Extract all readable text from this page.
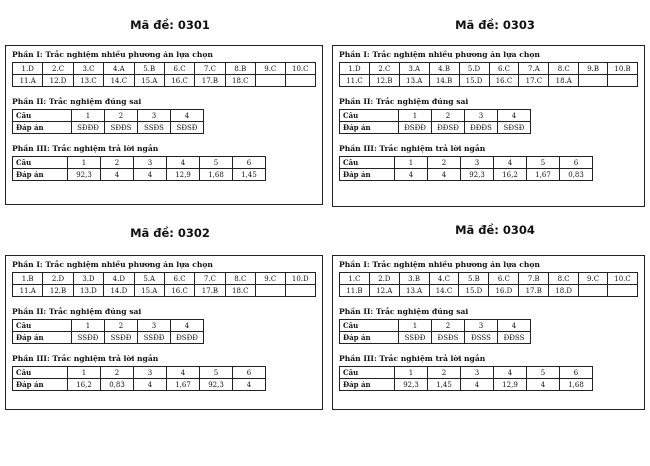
Mã đề: 0301
Phần I: Trắc nghiệm nhiều phương án lựa chọn
1.D	2.C	3.C	4.A	5.B	6.C	7.C	8.B	9.C	10.C
11.A	12.D	13.C	14.C	15.A	16.C	17.B	18.C		
Phần II: Trắc nghiệm đúng sai
Câu	1	2	3	4
Đáp án	SĐĐĐ	SĐĐS	SSĐS	SĐSĐ
Phần III: Trắc nghiệm trả lời ngắn
Câu	1	2	3	4	5	6
Đáp án	92,3	4	4	12,9	1,68	1,45
Mã đề: 0303
Phần I: Trắc nghiệm nhiều phương án lựa chọn
1.D	2.C	3.A	4.B	5.D	6.C	7.A	8.C	9.B	10.B
11.C	12.B	13.A	14.B	15.D	16.C	17.C	18.A		
Phần II: Trắc nghiệm đúng sai
Câu	1	2	3	4
Đáp án	ĐSĐĐ	ĐĐSĐ	ĐĐĐS	SĐSĐ
Phần III: Trắc nghiệm trả lời ngắn
Câu	1	2	3	4	5	6
Đáp án	4	4	92,3	16,2	1,67	0,83
Mã đề: 0302
Phần I: Trắc nghiệm nhiều phương án lựa chọn
1.B	2.D	3.D	4.D	5.A	6.C	7.C	8.C	9.C	10.D
11.A	12.B	13.D	14.D	15.A	16.C	17.B	18.C		
Phần II: Trắc nghiệm đúng sai
Câu	1	2	3	4
Đáp án	SSĐĐ	SSĐĐ	SSĐĐ	ĐSĐĐ
Phần III: Trắc nghiệm trả lời ngắn
Câu	1	2	3	4	5	6
Đáp án	16,2	0,83	4	1,67	92,3	4
Mã đề: 0304
Phần I: Trắc nghiệm nhiều phương án lựa chọn
1.C	2.D	3.B	4.C	5.B	6.C	7.B	8.C	9.C	10.C
11.B	12.A	13.A	14.C	15.D	16.D	17.B	18.D		
Phần II: Trắc nghiệm đúng sai
Câu	1	2	3	4
Đáp án	SSĐĐ	ĐSĐS	ĐSSS	ĐĐSS
Phần III: Trắc nghiệm trả lời ngắn
Câu	1	2	3	4	5	6
Đáp án	92,3	1,45	4	12,9	4	1,68
